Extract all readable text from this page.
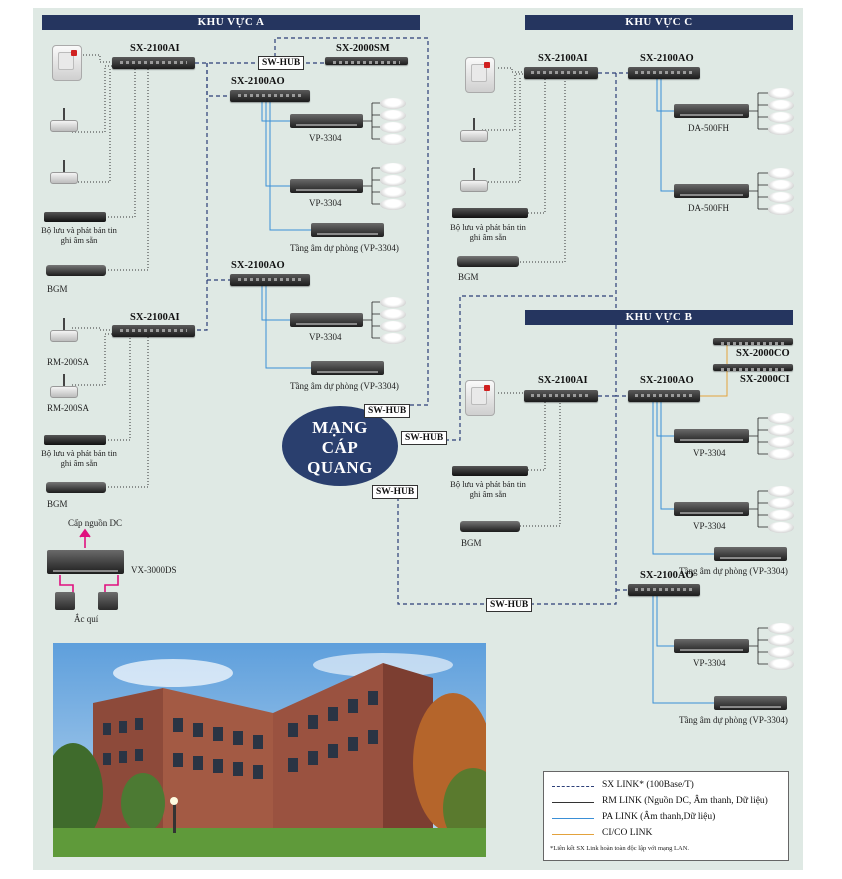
KHU VỰC A	KHU VỰC C
KHU VỰC B
Bộ lưu và phát bản tin ghi âm sẵn
BGM
SX-2100AI
SW-HUB
SX-2000SM
SX-2100AO
VP-3304
VP-3304
Tầng âm dự phòng (VP-3304)
SX-2100AO
VP-3304
Tầng âm dự phòng (VP-3304)
RM-200SA
RM-200SA
Bộ lưu và phát bản tin ghi âm sẵn
BGM
SX-2100AI
Cấp nguồn DC
VX-3000DS
Ắc quí
MẠNG
CÁP
QUANG
SW-HUB
SW-HUB
SW-HUB
Bộ lưu và phát bản tin ghi âm sẵn
BGM
SX-2100AI	SX-2100AO
DA-500FH
DA-500FH
SX-2000CO
SX-2000CI
Bộ lưu và phát bản tin ghi âm sẵn
BGM
SX-2100AI	SX-2100AO
VP-3304
VP-3304
Tầng âm dự phòng (VP-3304)
SW-HUB
SX-2100AO
VP-3304
Tầng âm dự phòng (VP-3304)
SX LINK* (100Base/T)
RM LINK (Nguồn DC, Âm thanh, Dữ liệu)
PA LINK (Âm thanh,Dữ liệu)
CI/CO LINK
*Liên kết SX Link hoàn toàn độc lập với mạng LAN.
